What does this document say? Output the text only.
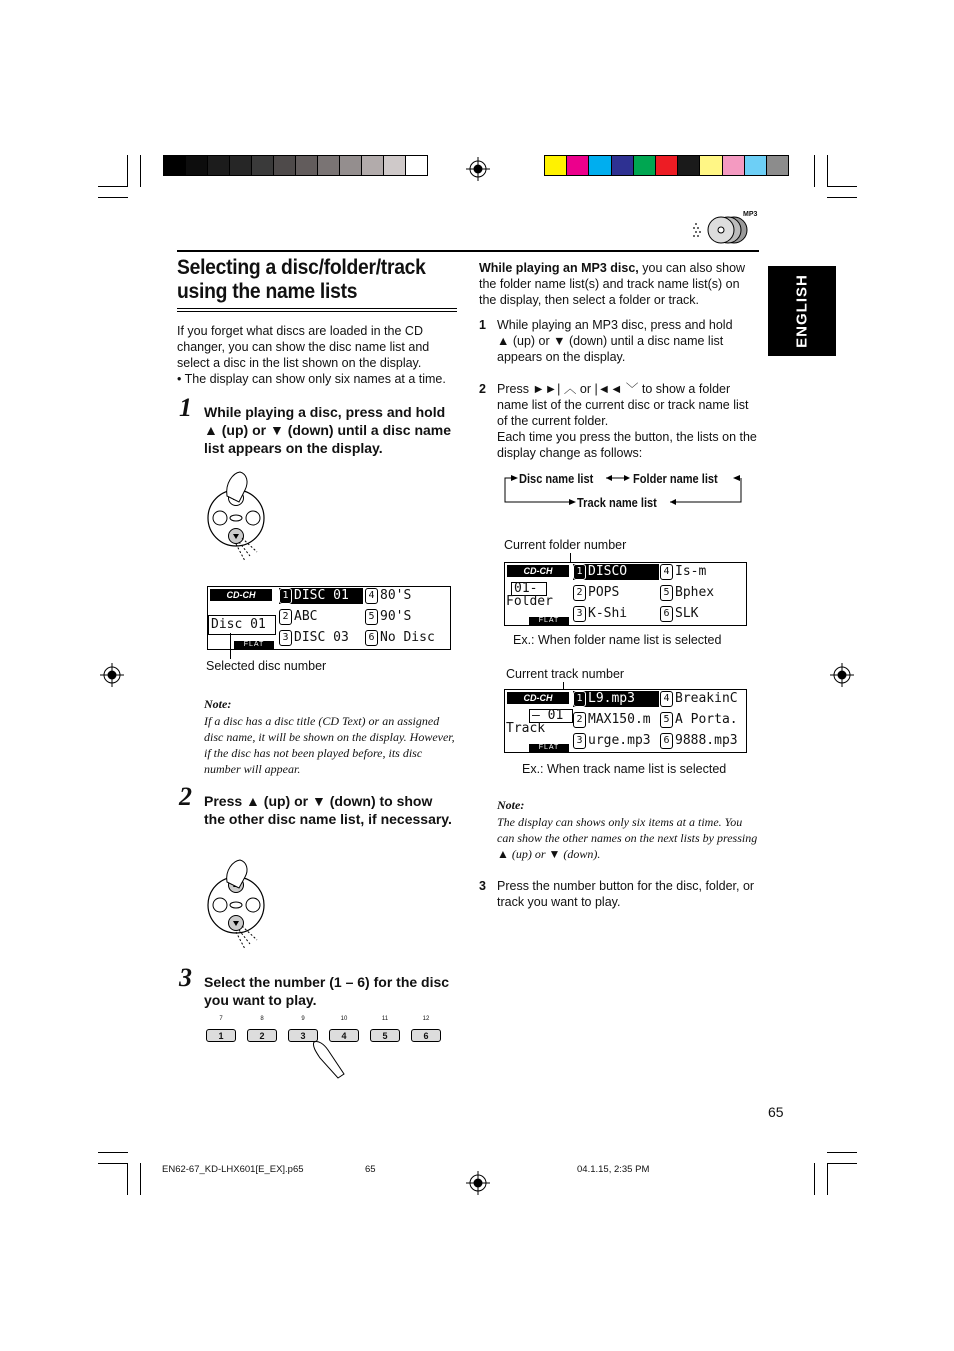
MP3
ENGLISH
Selecting a disc/folder/track using the name lists
If you forget what discs are loaded in the CD changer, you can show the disc name list and select a disc in the list shown on the display.
• The display can show only six names at a time.
1 While playing a disc, press and hold ▲ (up) or ▼ (down) until a disc name list appears on the display.
CD-CH
Disc 01
FLAT
1 DISC 01	4 80'S
2 ABC	5 90'S
3 DISC 03	6 No Disc
Selected disc number
Note:
If a disc has a disc title (CD Text) or an assigned disc name, it will be shown on the display. However, if the disc has not been played before, its disc number will appear.
2 Press ▲ (up) or ▼ (down) to show the other disc name list, if necessary.
3 Select the number (1 – 6) for the disc you want to play.
7
1
8
2
9
3
10
4
11
5
12
6
While playing an MP3 disc, you can also show the folder name list(s) and track name list(s) on the display, then select a folder or track.
1 While playing an MP3 disc, press and hold ▲ (up) or ▼ (down) until a disc name list appears on the display.
2 Press ►►| ︿ or |◄◄ ﹀ to show a folder name list of the current disc or track name list of the current folder.
Each time you press the button, the lists on the display change as follows:
Disc name list	Folder name list
Track name list
Current folder number
CD-CH
01-
Folder
FLAT
1 DISCO	4 Is-m
2 POPS	5 Bphex
3 K-Shi	6 SLK
Ex.: When folder name list is selected
Current track number
CD-CH
– 01
Track
FLAT
1 L9.mp3	4 BreakinC
2 MAX150.m	5 A Porta.
3 urge.mp3	6 9888.mp3
Ex.: When track name list is selected
Note:
The display can shows only six items at a time. You can show the other names on the next lists by pressing ▲ (up) or ▼ (down).
3 Press the number button for the disc, folder, or track you want to play.
65
EN62-67_KD-LHX601[E_EX].p65	65	04.1.15, 2:35 PM
